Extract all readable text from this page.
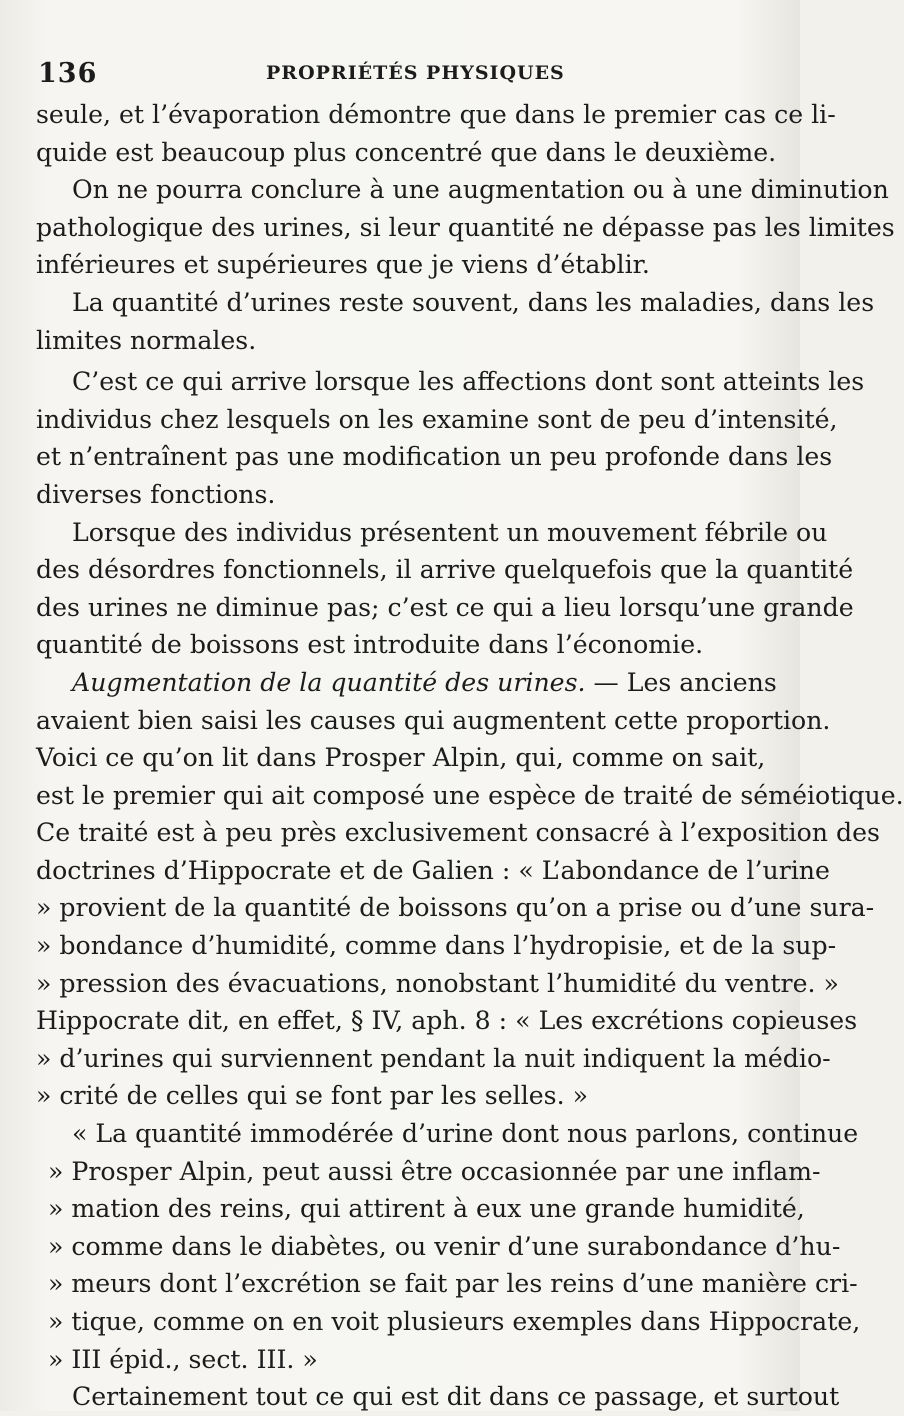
136	PROPRIÉTÉS PHYSIQUES
seule, et l’évaporation démontre que dans le premier cas ce li-
quide est beaucoup plus concentré que dans le deuxième.
On ne pourra conclure à une augmentation ou à une diminution
pathologique des urines, si leur quantité ne dépasse pas les limites
inférieures et supérieures que je viens d’établir.
La quantité d’urines reste souvent, dans les maladies, dans les
limites normales.
C’est ce qui arrive lorsque les affections dont sont atteints les
individus chez lesquels on les examine sont de peu d’intensité,
et n’entraînent pas une modification un peu profonde dans les
diverses fonctions.
Lorsque des individus présentent un mouvement fébrile ou
des désordres fonctionnels, il arrive quelquefois que la quantité
des urines ne diminue pas; c’est ce qui a lieu lorsqu’une grande
quantité de boissons est introduite dans l’économie.
Augmentation de la quantité des urines. — Les anciens
avaient bien saisi les causes qui augmentent cette proportion.
Voici ce qu’on lit dans Prosper Alpin, qui, comme on sait,
est le premier qui ait composé une espèce de traité de séméiotique.
Ce traité est à peu près exclusivement consacré à l’exposition des
doctrines d’Hippocrate et de Galien : « L’abondance de l’urine
» provient de la quantité de boissons qu’on a prise ou d’une sura-
» bondance d’humidité, comme dans l’hydropisie, et de la sup-
» pression des évacuations, nonobstant l’humidité du ventre. »
Hippocrate dit, en effet, § IV, aph. 8 : « Les excrétions copieuses
» d’urines qui surviennent pendant la nuit indiquent la médio-
» crité de celles qui se font par les selles. »
« La quantité immodérée d’urine dont nous parlons, continue
» Prosper Alpin, peut aussi être occasionnée par une inflam-
» mation des reins, qui attirent à eux une grande humidité,
» comme dans le diabètes, ou venir d’une surabondance d’hu-
» meurs dont l’excrétion se fait par les reins d’une manière cri-
» tique, comme on en voit plusieurs exemples dans Hippocrate,
» III épid., sect. III. »
Certainement tout ce qui est dit dans ce passage, et surtout
